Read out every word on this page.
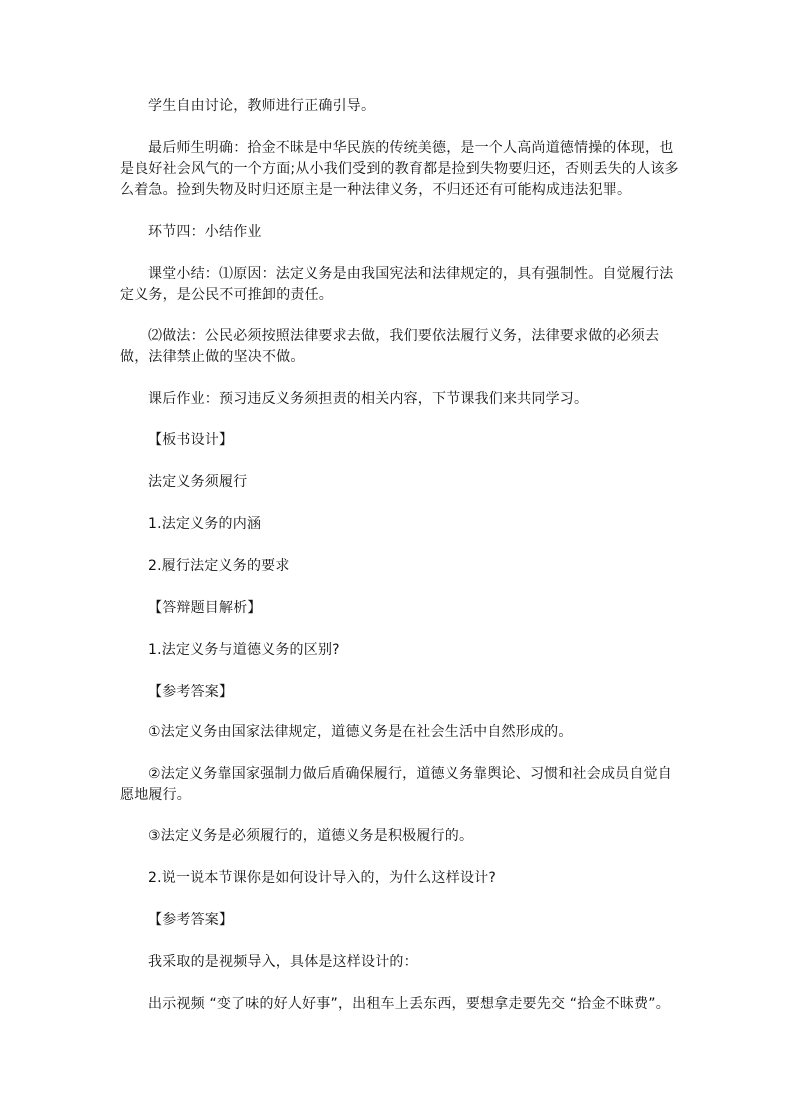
学生自由讨论，教师进行正确引导。

最后师生明确：拾金不昧是中华民族的传统美德，是一个人高尚道德情操的体现，也是良好社会风气的一个方面;从小我们受到的教育都是捡到失物要归还，否则丢失的人该多么着急。捡到失物及时归还原主是一种法律义务，不归还还有可能构成违法犯罪。

环节四：小结作业

课堂小结：⑴原因：法定义务是由我国宪法和法律规定的，具有强制性。自觉履行法定义务，是公民不可推卸的责任。

⑵做法：公民必须按照法律要求去做，我们要依法履行义务，法律要求做的必须去做，法律禁止做的坚决不做。

课后作业：预习违反义务须担责的相关内容，下节课我们来共同学习。

【板书设计】

法定义务须履行

1.法定义务的内涵

2.履行法定义务的要求

【答辩题目解析】

1.法定义务与道德义务的区别?

【参考答案】

①法定义务由国家法律规定，道德义务是在社会生活中自然形成的。

②法定义务靠国家强制力做后盾确保履行，道德义务靠舆论、习惯和社会成员自觉自愿地履行。

③法定义务是必须履行的，道德义务是积极履行的。

2.说一说本节课你是如何设计导入的，为什么这样设计?

【参考答案】

我采取的是视频导入，具体是这样设计的：

出示视频 “变了味的好人好事”，出租车上丢东西，要想拿走要先交 “拾金不昧费”。
